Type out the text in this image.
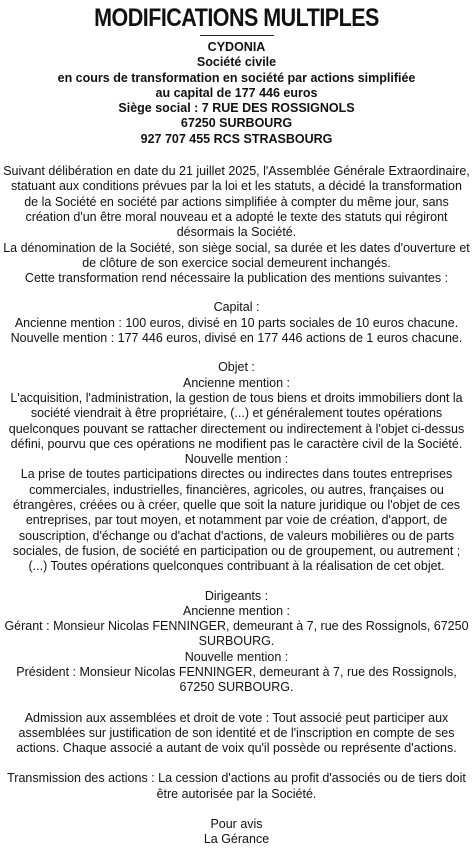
MODIFICATIONS MULTIPLES
CYDONIA
Société civile
en cours de transformation en société par actions simplifiée
au capital de 177 446 euros
Siège social : 7 RUE DES ROSSIGNOLS
67250 SURBOURG
927 707 455 RCS STRASBOURG

Suivant délibération en date du 21 juillet 2025, l'Assemblée Générale Extraordinaire, statuant aux conditions prévues par la loi et les statuts, a décidé la transformation de la Société en société par actions simplifiée à compter du même jour, sans création d'un être moral nouveau et a adopté le texte des statuts qui régiront désormais la Société.

La dénomination de la Société, son siège social, sa durée et les dates d'ouverture et de clôture de son exercice social demeurent inchangés.

Cette transformation rend nécessaire la publication des mentions suivantes :

Capital :

Ancienne mention : 100 euros, divisé en 10 parts sociales de 10 euros chacune.

Nouvelle mention : 177 446 euros, divisé en 177 446 actions de 1 euros chacune.

Objet :

Ancienne mention :

L'acquisition, l'administration, la gestion de tous biens et droits immobiliers dont la société viendrait à être propriétaire, (...) et généralement toutes opérations quelconques pouvant se rattacher directement ou indirectement à l'objet ci-dessus défini, pourvu que ces opérations ne modifient pas le caractère civil de la Société.

Nouvelle mention :

La prise de toutes participations directes ou indirectes dans toutes entreprises commerciales, industrielles, financières, agricoles, ou autres, françaises ou étrangères, créées ou à créer, quelle que soit la nature juridique ou l'objet de ces entreprises, par tout moyen, et notamment par voie de création, d'apport, de souscription, d'échange ou d'achat d'actions, de valeurs mobilières ou de parts sociales, de fusion, de société en participation ou de groupement, ou autrement ; (...) Toutes opérations quelconques contribuant à la réalisation de cet objet.

Dirigeants :

Ancienne mention :

Gérant : Monsieur Nicolas FENNINGER, demeurant à 7, rue des Rossignols, 67250 SURBOURG.

Nouvelle mention :

Président : Monsieur Nicolas FENNINGER, demeurant à 7, rue des Rossignols, 67250 SURBOURG.

Admission aux assemblées et droit de vote : Tout associé peut participer aux assemblées sur justification de son identité et de l'inscription en compte de ses actions. Chaque associé a autant de voix qu'il possède ou représente d'actions.

Transmission des actions : La cession d'actions au profit d'associés ou de tiers doit être autorisée par la Société.

Pour avis

La Gérance
